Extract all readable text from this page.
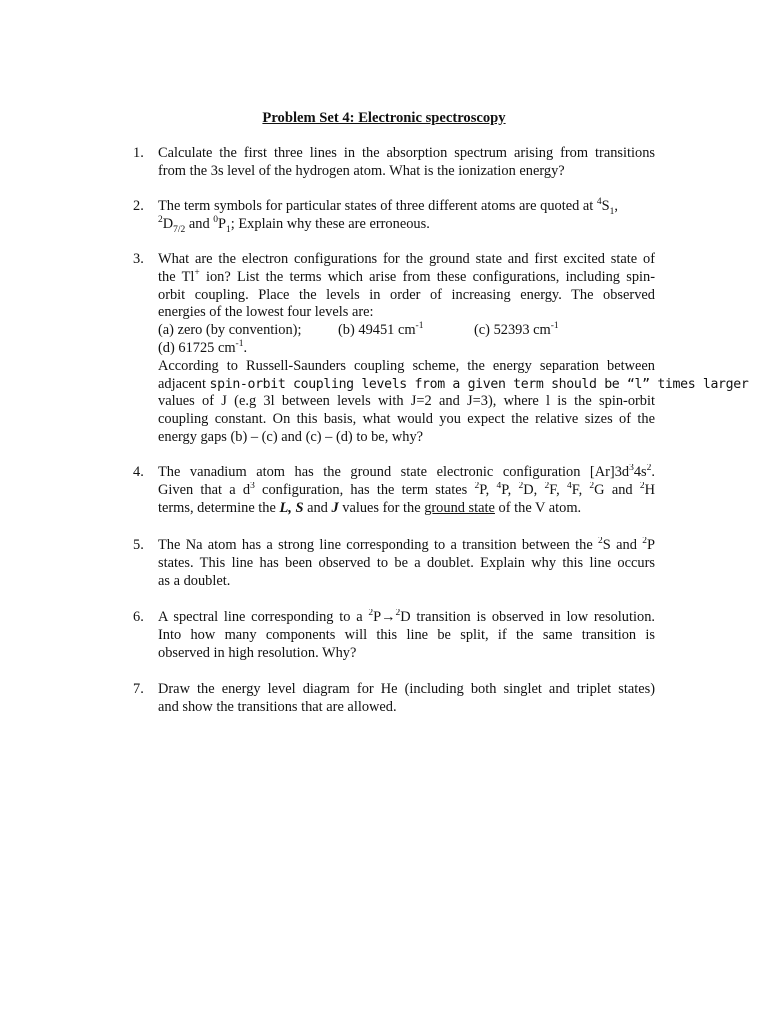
Problem Set 4: Electronic spectroscopy
1. Calculate the first three lines in the absorption spectrum arising from transitions
from the 3s level of the hydrogen atom. What is the ionization energy?
2. The term symbols for particular states of three different atoms are quoted at $^4S_1$,
$^2D_{7/2}$ and $^0P_1$; Explain why these are erroneous.
3. What are the electron configurations for the ground state and first excited state of
the Tl+ ion? List the terms which arise from these configurations, including spin-
orbit coupling. Place the levels in order of increasing energy. The observed
energies of the lowest four levels are:
(a) zero (by convention);	(b) 49451 $cm^{-1}$	(c) 52393 $cm^{-1}$
(d) 61725 $cm^{-1}$.
According to Russell-Saunders coupling scheme, the energy separation between
adjacent spin-orbit coupling levels from a given term should be “l” times larger
values of J (e.g 3l between levels with J=2 and J=3), where l is the spin-orbit
coupling constant. On this basis, what would you expect the relative sizes of the
energy gaps (b) – (c) and (c) – (d) to be, why?
4. The vanadium atom has the ground state electronic configuration $[Ar]3d^34s^2$.
Given that a $d^3$ configuration, has the term states $^2$P, $^4$P, $^2$D, $^2$F, $^4$F, $^2$G and $^2$H
terms, determine the L, S and J values for the ground state of the V atom.
5. The Na atom has a strong line corresponding to a transition between the $^2$S and $^2$P
states. This line has been observed to be a doublet. Explain why this line occurs
as a doublet.
6. A spectral line corresponding to a $^2$P→$^2$D transition is observed in low resolution.
Into how many components will this line be split, if the same transition is
observed in high resolution. Why?
7. Draw the energy level diagram for He (including both singlet and triplet states)
and show the transitions that are allowed.
